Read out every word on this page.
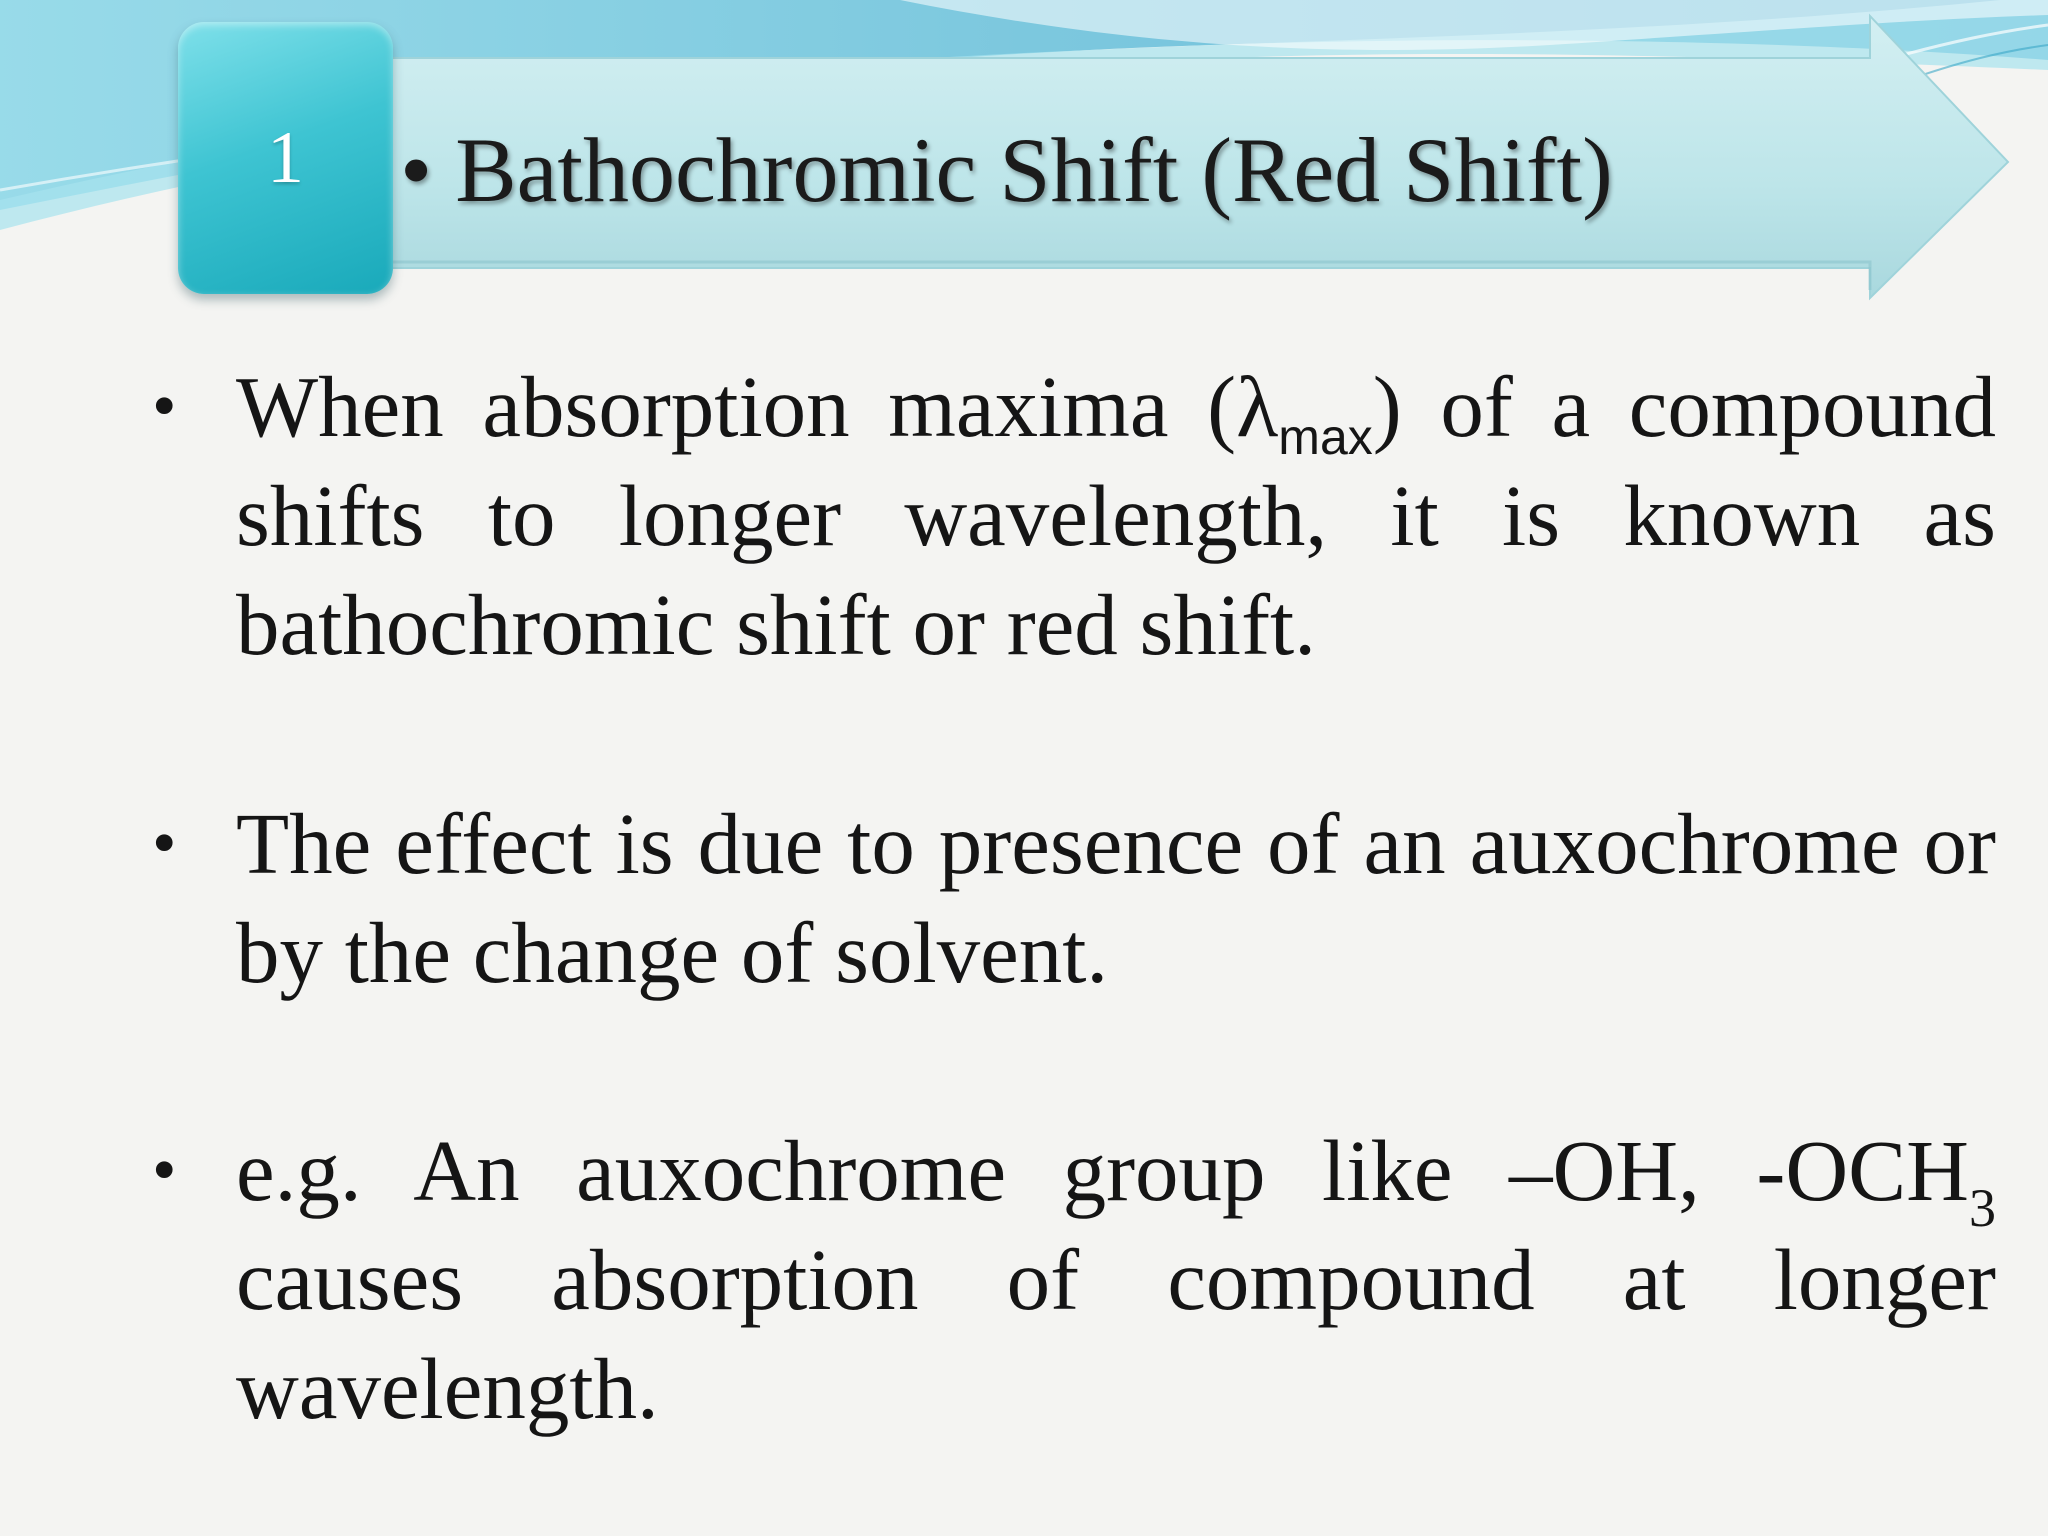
1 • Bathochromic Shift (Red Shift)

• When absorption maxima $(\lambda_{max})$ of a compound shifts to longer wavelength, it is known as bathochromic shift or red shift.

• The effect is due to presence of an auxochrome or by the change of solvent.

• e.g. An auxochrome group like –OH, $-OCH_3$ causes absorption of compound at longer wavelength.
